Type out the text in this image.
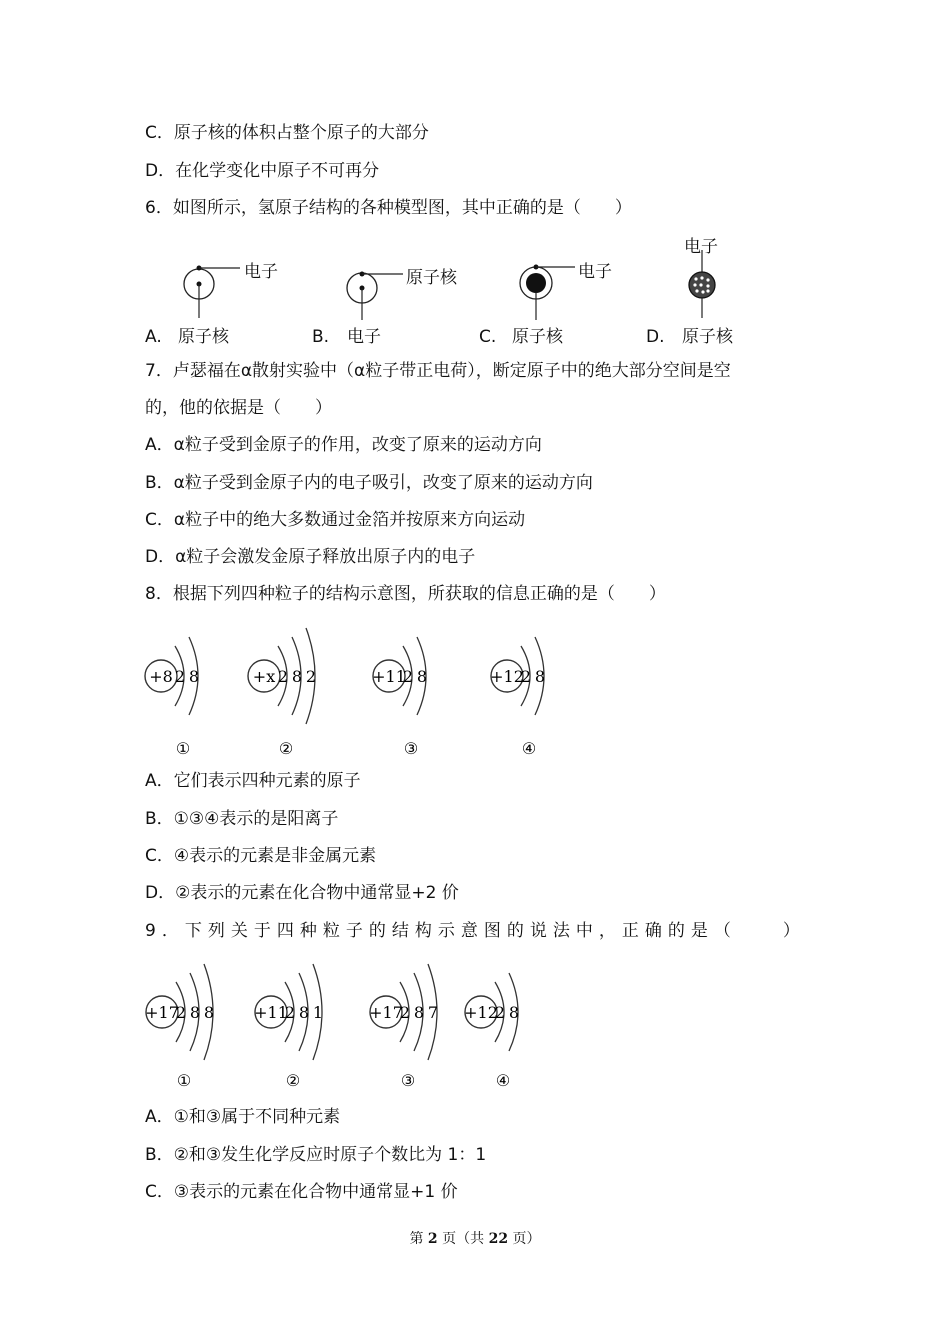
C．原子核的体积占整个原子的大部分
D．在化学变化中原子不可再分
6．如图所示，氢原子结构的各种模型图，其中正确的是（　　）
电子
原子核
A.
原子核
电子
B.
电子
原子核
C.
电子
原子核
D.
7．卢瑟福在α散射实验中（α粒子带正电荷），断定原子中的绝大部分空间是空
的，他的依据是（　　）
A．α粒子受到金原子的作用，改变了原来的运动方向
B．α粒子受到金原子内的电子吸引，改变了原来的运动方向
C．α粒子中的绝大多数通过金箔并按原来方向运动
D．α粒子会激发金原子释放出原子内的电子
8．根据下列四种粒子的结构示意图，所获取的信息正确的是（　　）
+8 2 8
①
+x 2 8 2
②
+11
2 8
③
+12
2 8
④
A．它们表示四种元素的原子
B．①③④表示的是阳离子
C．④表示的元素是非金属元素
D．②表示的元素在化合物中通常显+2 价
9．下列关于四种粒子的结构示意图的说法中，正确的是（　　）
+17
2 8 8
①
+11
2 8 1
②
+17
2 8 7
③
+12
2 8
④
A．①和③属于不同种元素
B．②和③发生化学反应时原子个数比为 1：1
C．③表示的元素在化合物中通常显+1 价
第 2 页（共 22 页）
